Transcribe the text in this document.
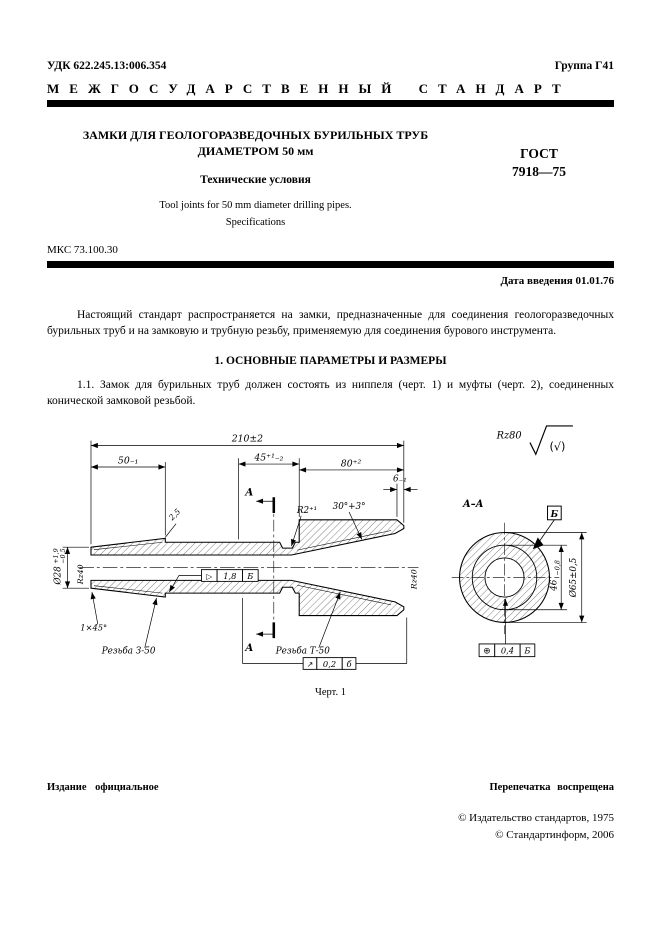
УДК 622.245.13:006.354	Группа Г41
МЕЖГОСУДАРСТВЕННЫЙ СТАНДАРТ
ЗАМКИ ДЛЯ ГЕОЛОГОРАЗВЕДОЧНЫХ БУРИЛЬНЫХ ТРУБ
ДИАМЕТРОМ 50 мм
Технические условия
Tool joints for 50 mm diameter drilling pipes.
Specifications
ГОСТ
7918—75
МКС 73.100.30
Дата введения 01.01.76

Настоящий стандарт распространяется на замки, предназначенные для соединения геологоразведочных бурильных труб и на замковую и трубную резьбу, применяемую для соединения бурового инструмента.

1. ОСНОВНЫЕ ПАРАМЕТРЫ И РАЗМЕРЫ

1.1. Замок для бурильных труб должен состоять из ниппеля (черт. 1) и муфты (черт. 2), соединенных конической замковой резьбой.

210±2
50₋₁	45⁺¹₋₂
80⁺²
6₋₁
Ø28
+1,9 −0,5
Rz40	Rz40
2,5	R2⁺¹ 30°+3°
1×45°
Резьба З-50	Резьба Т-50
А
А
▷ 1,8 Б
↗ 0,2 б
Rz80
(√)
А–А
Б
Ø65±0,5
46
−0,8
⊕ 0,4 Б
Черт. 1
Издание официальное	Перепечатка воспрещена
© Издательство стандартов, 1975
© Стандартинформ, 2006
